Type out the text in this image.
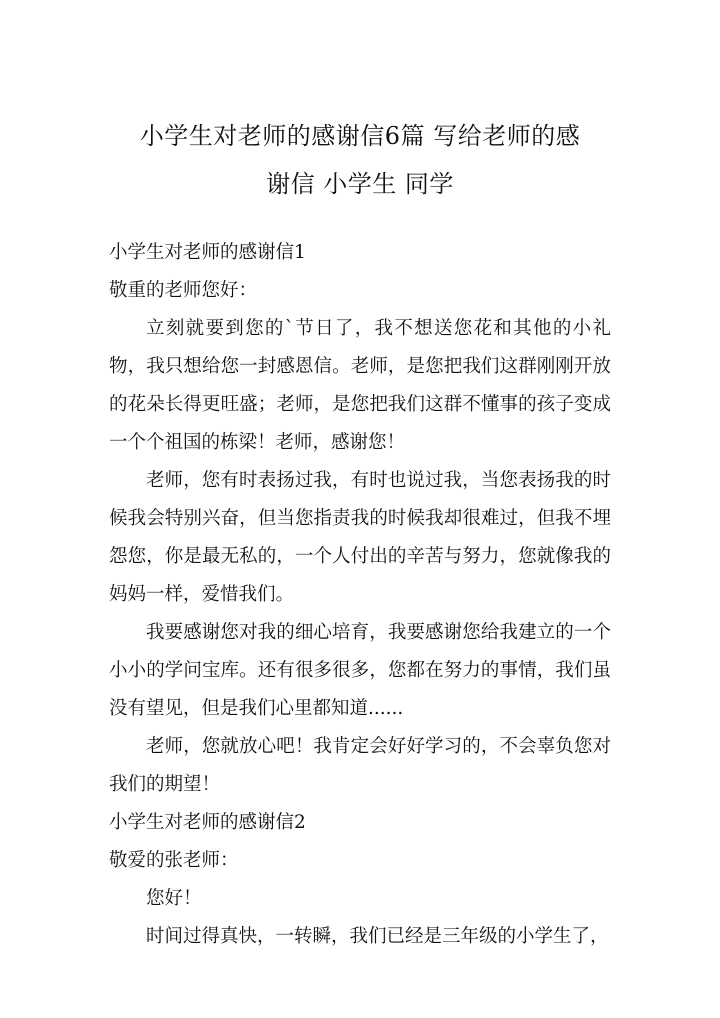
小学生对老师的感谢信6篇 写给老师的感
谢信 小学生 同学

小学生对老师的感谢信1

敬重的老师您好：

立刻就要到您的`节日了，我不想送您花和其他的小礼物，我只想给您一封感恩信。老师，是您把我们这群刚刚开放的花朵长得更旺盛；老师，是您把我们这群不懂事的孩子变成一个个祖国的栋梁！老师，感谢您！

老师，您有时表扬过我，有时也说过我，当您表扬我的时候我会特别兴奋，但当您指责我的时候我却很难过，但我不埋怨您，你是最无私的，一个人付出的辛苦与努力，您就像我的妈妈一样，爱惜我们。

我要感谢您对我的细心培育，我要感谢您给我建立的一个小小的学问宝库。还有很多很多，您都在努力的事情，我们虽没有望见，但是我们心里都知道......

老师，您就放心吧！我肯定会好好学习的，不会辜负您对我们的期望！

小学生对老师的感谢信2

敬爱的张老师：

您好！

时间过得真快，一转瞬，我们已经是三年级的小学生了，
